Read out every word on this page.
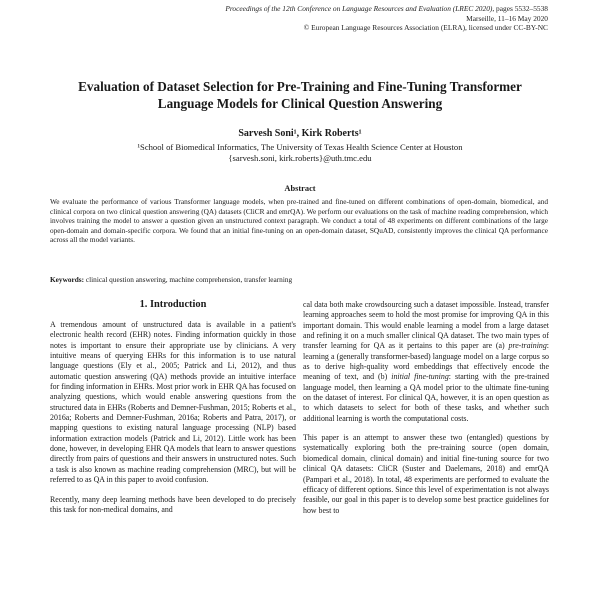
Proceedings of the 12th Conference on Language Resources and Evaluation (LREC 2020), pages 5532–5538
Marseille, 11–16 May 2020
© European Language Resources Association (ELRA), licensed under CC-BY-NC
Evaluation of Dataset Selection for Pre-Training and Fine-Tuning Transformer
Language Models for Clinical Question Answering
Sarvesh Soni¹, Kirk Roberts¹
¹School of Biomedical Informatics, The University of Texas Health Science Center at Houston
{sarvesh.soni, kirk.roberts}@uth.tmc.edu
Abstract
We evaluate the performance of various Transformer language models, when pre-trained and fine-tuned on different combinations of open-domain, biomedical, and clinical corpora on two clinical question answering (QA) datasets (CliCR and emrQA). We perform our evaluations on the task of machine reading comprehension, which involves training the model to answer a question given an unstructured context paragraph. We conduct a total of 48 experiments on different combinations of the large open-domain and domain-specific corpora. We found that an initial fine-tuning on an open-domain dataset, SQuAD, consistently improves the clinical QA performance across all the model variants.
Keywords: clinical question answering, machine comprehension, transfer learning
1. Introduction

A tremendous amount of unstructured data is available in a patient's electronic health record (EHR) notes. Finding information quickly in those notes is important to ensure their appropriate use by clinicians. A very intuitive means of querying EHRs for this information is to use natural language questions (Ely et al., 2005; Patrick and Li, 2012), and thus automatic question answering (QA) methods provide an intuitive interface for finding information in EHRs. Most prior work in EHR QA has focused on analyzing questions, which would enable answering questions from the structured data in EHRs (Roberts and Demner-Fushman, 2015; Roberts et al., 2016a; Roberts and Demner-Fushman, 2016a; Roberts and Patra, 2017), or mapping questions to existing natural language processing (NLP) based information extraction models (Patrick and Li, 2012). Little work has been done, however, in developing EHR QA models that learn to answer questions directly from pairs of questions and their answers in unstructured notes. Such a task is also known as machine reading comprehension (MRC), but will be referred to as QA in this paper to avoid confusion.

Recently, many deep learning methods have been developed to do precisely this task for non-medical domains, and

cal data both make crowdsourcing such a dataset impossible. Instead, transfer learning approaches seem to hold the most promise for improving QA in this important domain. This would enable learning a model from a large dataset and refining it on a much smaller clinical QA dataset. The two main types of transfer learning for QA as it pertains to this paper are (a) pre-training: learning a (generally transformer-based) language model on a large corpus so as to derive high-quality word embeddings that effectively encode the meaning of text, and (b) initial fine-tuning: starting with the pre-trained language model, then learning a QA model prior to the ultimate fine-tuning on the dataset of interest. For clinical QA, however, it is an open question as to which datasets to select for both of these tasks, and whether such additional learning is worth the computational costs.

This paper is an attempt to answer these two (entangled) questions by systematically exploring both the pre-training source (open domain, biomedical domain, clinical domain) and initial fine-tuning source for two clinical QA datasets: CliCR (Suster and Daelemans, 2018) and emrQA (Pampari et al., 2018). In total, 48 experiments are performed to evaluate the efficacy of different options. Since this level of experimentation is not always feasible, our goal in this paper is to develop some best practice guidelines for how best to
